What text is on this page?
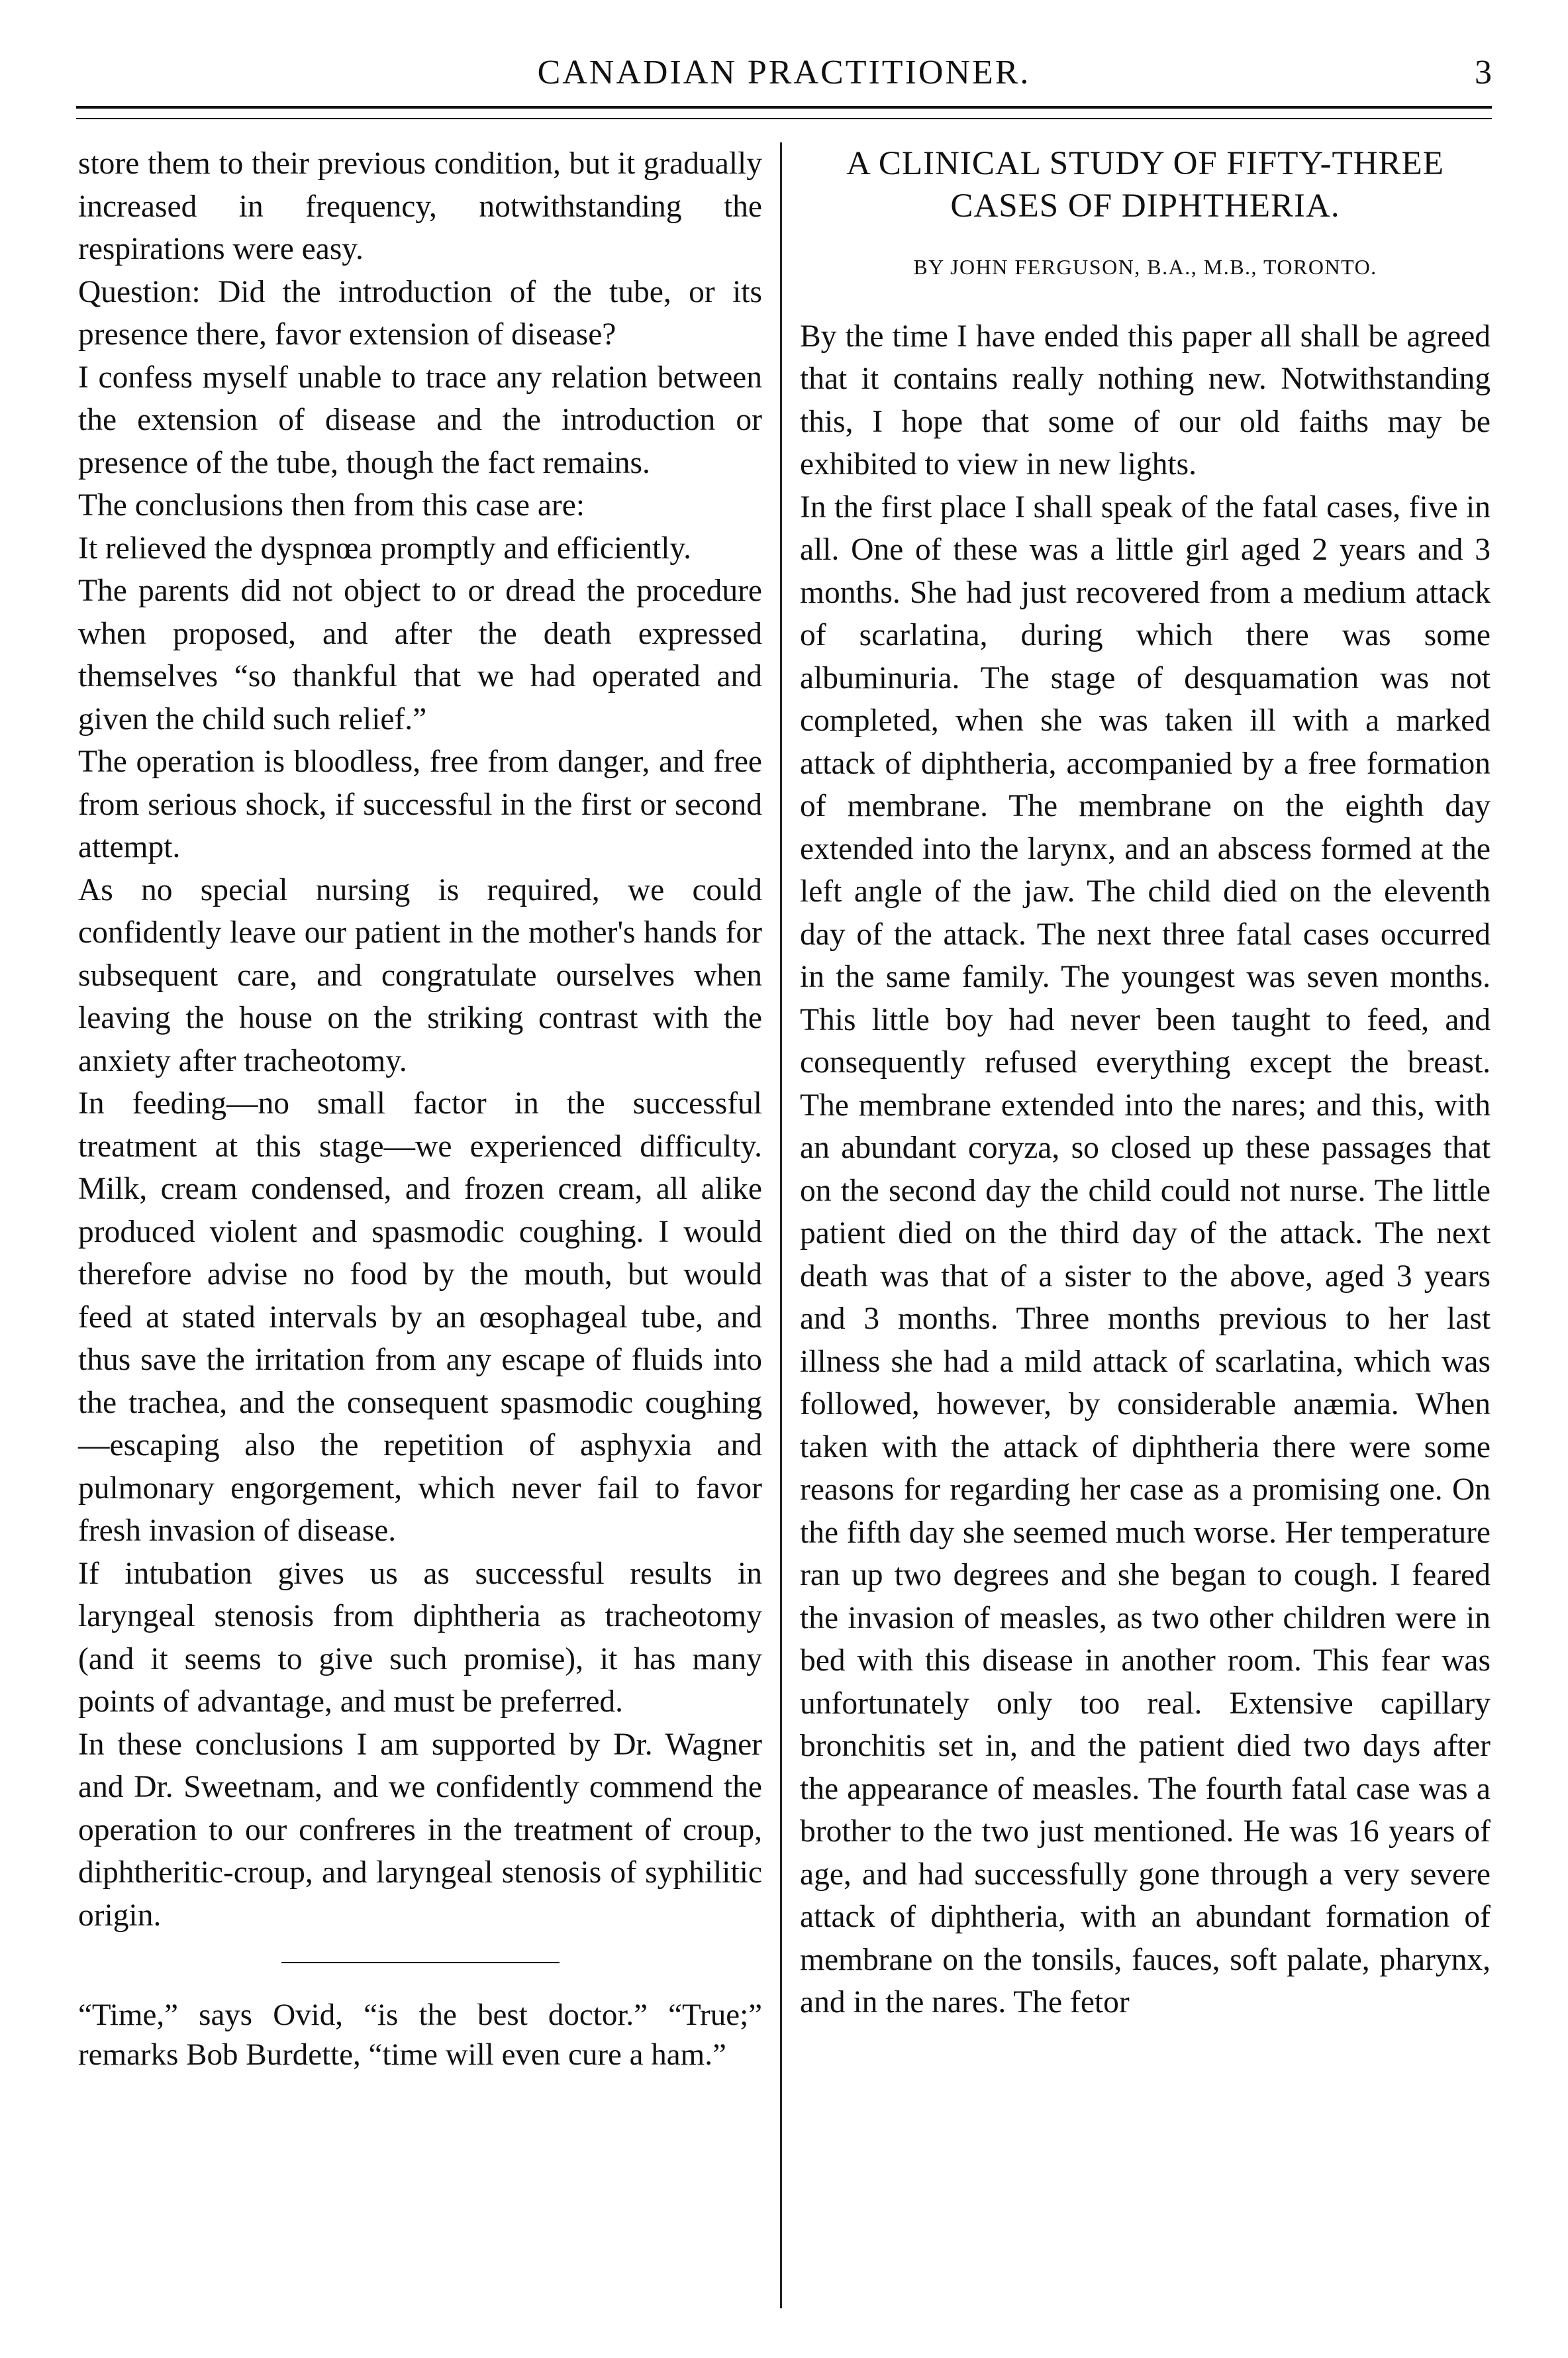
CANADIAN PRACTITIONER.	3

store them to their previous condition, but it gradually increased in frequency, notwithstanding the respirations were easy.

Question: Did the introduction of the tube, or its presence there, favor extension of disease?

I confess myself unable to trace any relation between the extension of disease and the introduction or presence of the tube, though the fact remains.

The conclusions then from this case are:

It relieved the dyspnœa promptly and efficiently.

The parents did not object to or dread the procedure when proposed, and after the death expressed themselves “so thankful that we had operated and given the child such relief.”

The operation is bloodless, free from danger, and free from serious shock, if successful in the first or second attempt.

As no special nursing is required, we could confidently leave our patient in the mother's hands for subsequent care, and congratulate ourselves when leaving the house on the striking contrast with the anxiety after tracheotomy.

In feeding—no small factor in the successful treatment at this stage—we experienced difficulty. Milk, cream condensed, and frozen cream, all alike produced violent and spasmodic coughing. I would therefore advise no food by the mouth, but would feed at stated intervals by an œsophageal tube, and thus save the irritation from any escape of fluids into the trachea, and the consequent spasmodic coughing—escaping also the repetition of asphyxia and pulmonary engorgement, which never fail to favor fresh invasion of disease.

If intubation gives us as successful results in laryngeal stenosis from diphtheria as tracheotomy (and it seems to give such promise), it has many points of advantage, and must be preferred.

In these conclusions I am supported by Dr. Wagner and Dr. Sweetnam, and we confidently commend the operation to our confreres in the treatment of croup, diphtheritic-croup, and laryngeal stenosis of syphilitic origin.

“Time,” says Ovid, “is the best doctor.” “True;” remarks Bob Burdette, “time will even cure a ham.”

A CLINICAL STUDY OF FIFTY-THREE CASES OF DIPHTHERIA.
BY JOHN FERGUSON, B.A., M.B., TORONTO.

By the time I have ended this paper all shall be agreed that it contains really nothing new. Notwithstanding this, I hope that some of our old faiths may be exhibited to view in new lights.

In the first place I shall speak of the fatal cases, five in all. One of these was a little girl aged 2 years and 3 months. She had just recovered from a medium attack of scarlatina, during which there was some albuminuria. The stage of desquamation was not completed, when she was taken ill with a marked attack of diphtheria, accompanied by a free formation of membrane. The membrane on the eighth day extended into the larynx, and an abscess formed at the left angle of the jaw. The child died on the eleventh day of the attack. The next three fatal cases occurred in the same family. The youngest was seven months. This little boy had never been taught to feed, and consequently refused everything except the breast. The membrane extended into the nares; and this, with an abundant coryza, so closed up these passages that on the second day the child could not nurse. The little patient died on the third day of the attack. The next death was that of a sister to the above, aged 3 years and 3 months. Three months previous to her last illness she had a mild attack of scarlatina, which was followed, however, by considerable anæmia. When taken with the attack of diphtheria there were some reasons for regarding her case as a promising one. On the fifth day she seemed much worse. Her temperature ran up two degrees and she began to cough. I feared the invasion of measles, as two other children were in bed with this disease in another room. This fear was unfortunately only too real. Extensive capillary bronchitis set in, and the patient died two days after the appearance of measles. The fourth fatal case was a brother to the two just mentioned. He was 16 years of age, and had successfully gone through a very severe attack of diphtheria, with an abundant formation of membrane on the tonsils, fauces, soft palate, pharynx, and in the nares. The fetor
